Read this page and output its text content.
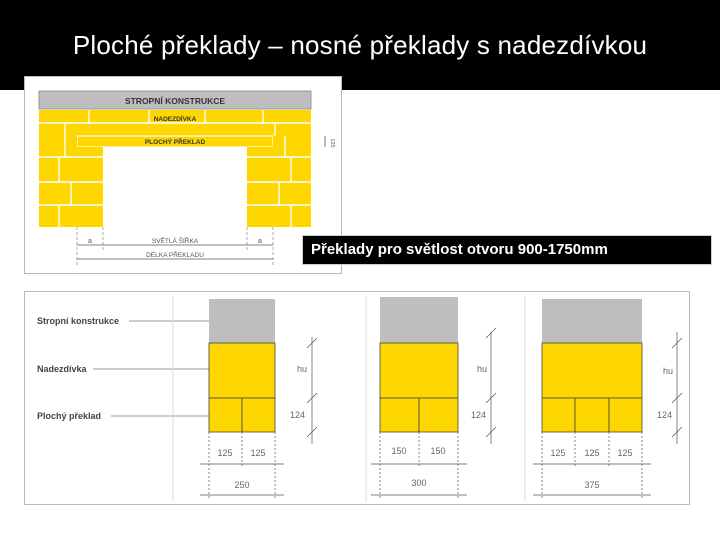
Ploché překlady – nosné překlady s nadezdívkou
STROPNÍ KONSTRUKCE
NADEZDÍVKA
PLOCHÝ PŘEKLAD
a	a
SVĚTLÁ ŠÍŘKA
DÉLKA PŘEKLADU
125
Překlady pro světlost otvoru 900-1750mm
Stropní konstrukce
Nadezdívka
Plochý překlad
hu
124
125 125
250
hu
124
150	150
300
hu
124
125 125 125
375
